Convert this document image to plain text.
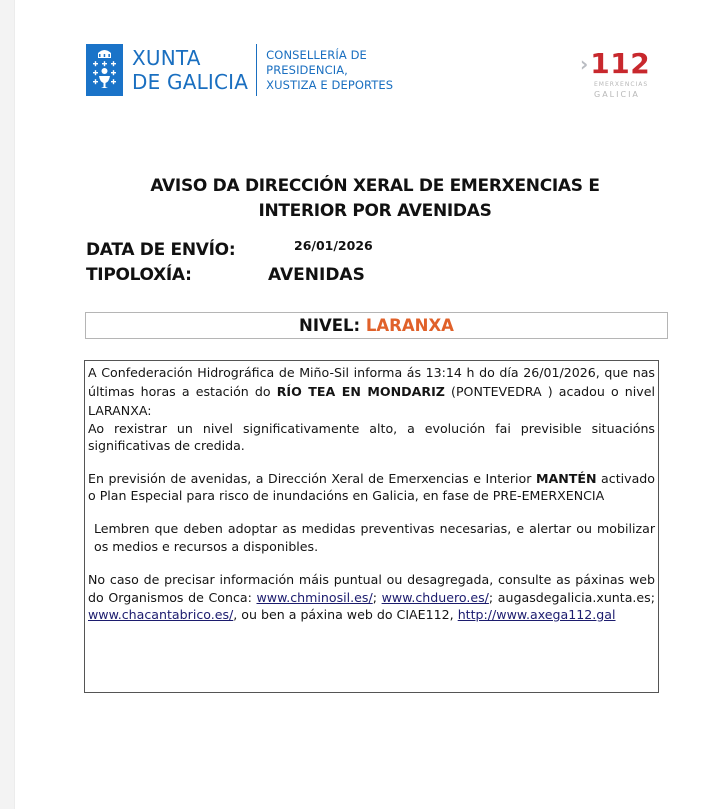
XUNTA
DE GALICIA
CONSELLERÍA DE
PRESIDENCIA,
XUSTIZA E DEPORTES
› 112
EMERXENCIAS
GALICIA
AVISO DA DIRECCIÓN XERAL DE EMERXENCIAS E
INTERIOR POR AVENIDAS
DATA DE ENVÍO:	26/01/2026
TIPOLOXÍA:	AVENIDAS
NIVEL: LARANXA

A Confederación Hidrográfica de Miño-Sil informa ás 13:14 h do día 26/01/2026, que nas últimas horas a estación do RÍO TEA EN MONDARIZ (PONTEVEDRA ) acadou o nivel LARANXA:

Ao rexistrar un nivel significativamente alto, a evolución fai previsible situacións significativas de credida.

En previsión de avenidas, a Dirección Xeral de Emerxencias e Interior MANTÉN activado o Plan Especial para risco de inundacións en Galicia, en fase de PRE-EMERXENCIA

Lembren que deben adoptar as medidas preventivas necesarias, e alertar ou mobilizar os medios e recursos a disponibles.

No caso de precisar información máis puntual ou desagregada, consulte as páxinas web do Organismos de Conca: www.chminosil.es/; www.chduero.es/; augasdegalicia.xunta.es; www.chacantabrico.es/, ou ben a páxina web do CIAE112, http://www.axega112.gal
